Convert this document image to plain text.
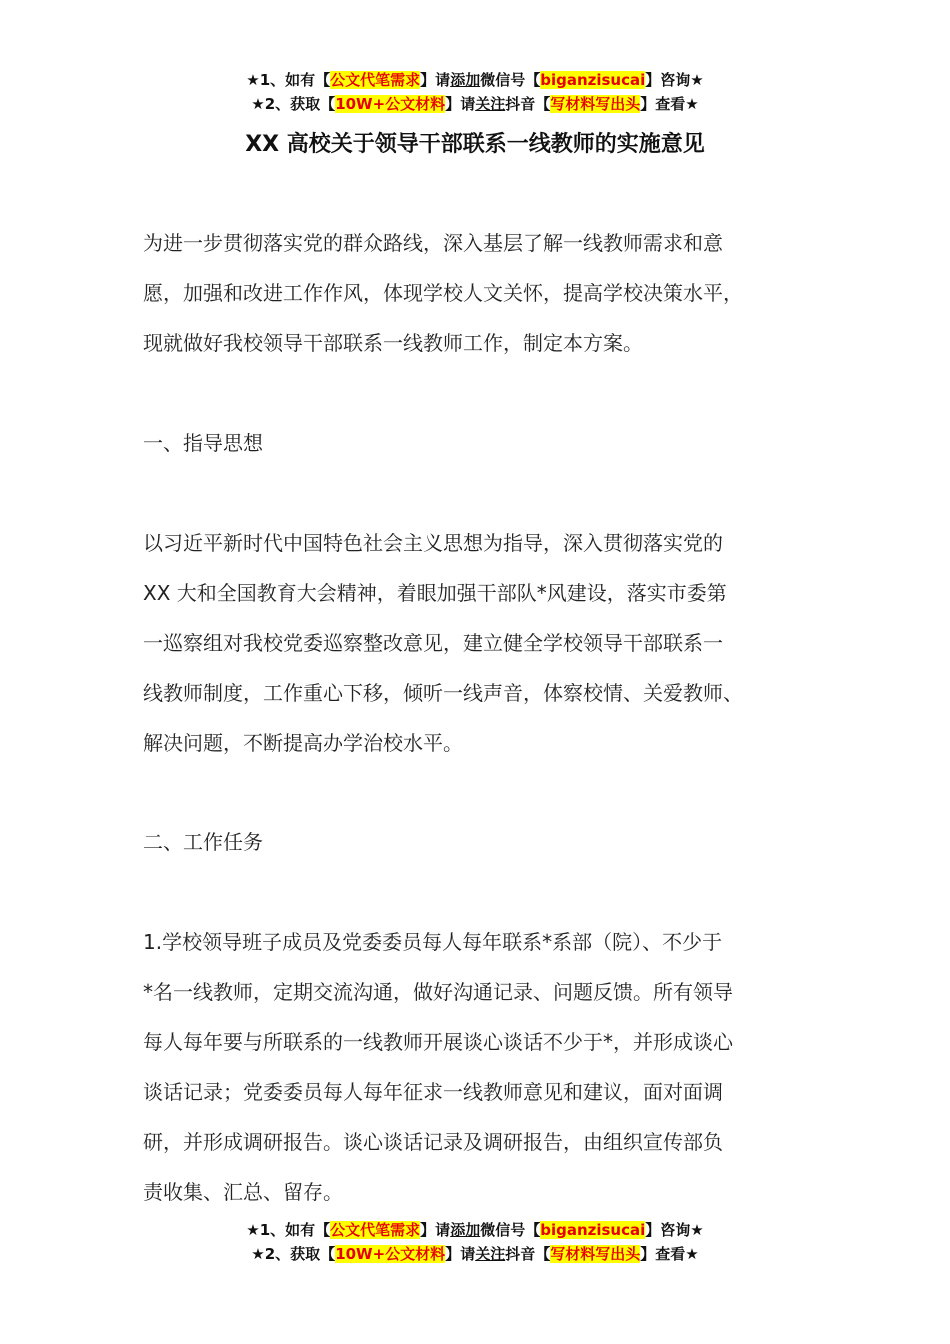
★1、如有【公文代笔需求】请添加微信号【biganzisucai】咨询★
★2、获取【10W+公文材料】请关注抖音【写材料写出头】查看★
XX 高校关于领导干部联系一线教师的实施意见
为进一步贯彻落实党的群众路线，深入基层了解一线教师需求和意
愿，加强和改进工作作风，体现学校人文关怀，提高学校决策水平，
现就做好我校领导干部联系一线教师工作，制定本方案。
一、指导思想
以习近平新时代中国特色社会主义思想为指导，深入贯彻落实党的
XX 大和全国教育大会精神，着眼加强干部队*风建设，落实市委第
一巡察组对我校党委巡察整改意见，建立健全学校领导干部联系一
线教师制度，工作重心下移，倾听一线声音，体察校情、关爱教师、
解决问题，不断提高办学治校水平。
二、工作任务
1.学校领导班子成员及党委委员每人每年联系*系部（院）、不少于
*名一线教师，定期交流沟通，做好沟通记录、问题反馈。所有领导
每人每年要与所联系的一线教师开展谈心谈话不少于*，并形成谈心
谈话记录；党委委员每人每年征求一线教师意见和建议，面对面调
研，并形成调研报告。谈心谈话记录及调研报告，由组织宣传部负
责收集、汇总、留存。
★1、如有【公文代笔需求】请添加微信号【biganzisucai】咨询★
★2、获取【10W+公文材料】请关注抖音【写材料写出头】查看★
